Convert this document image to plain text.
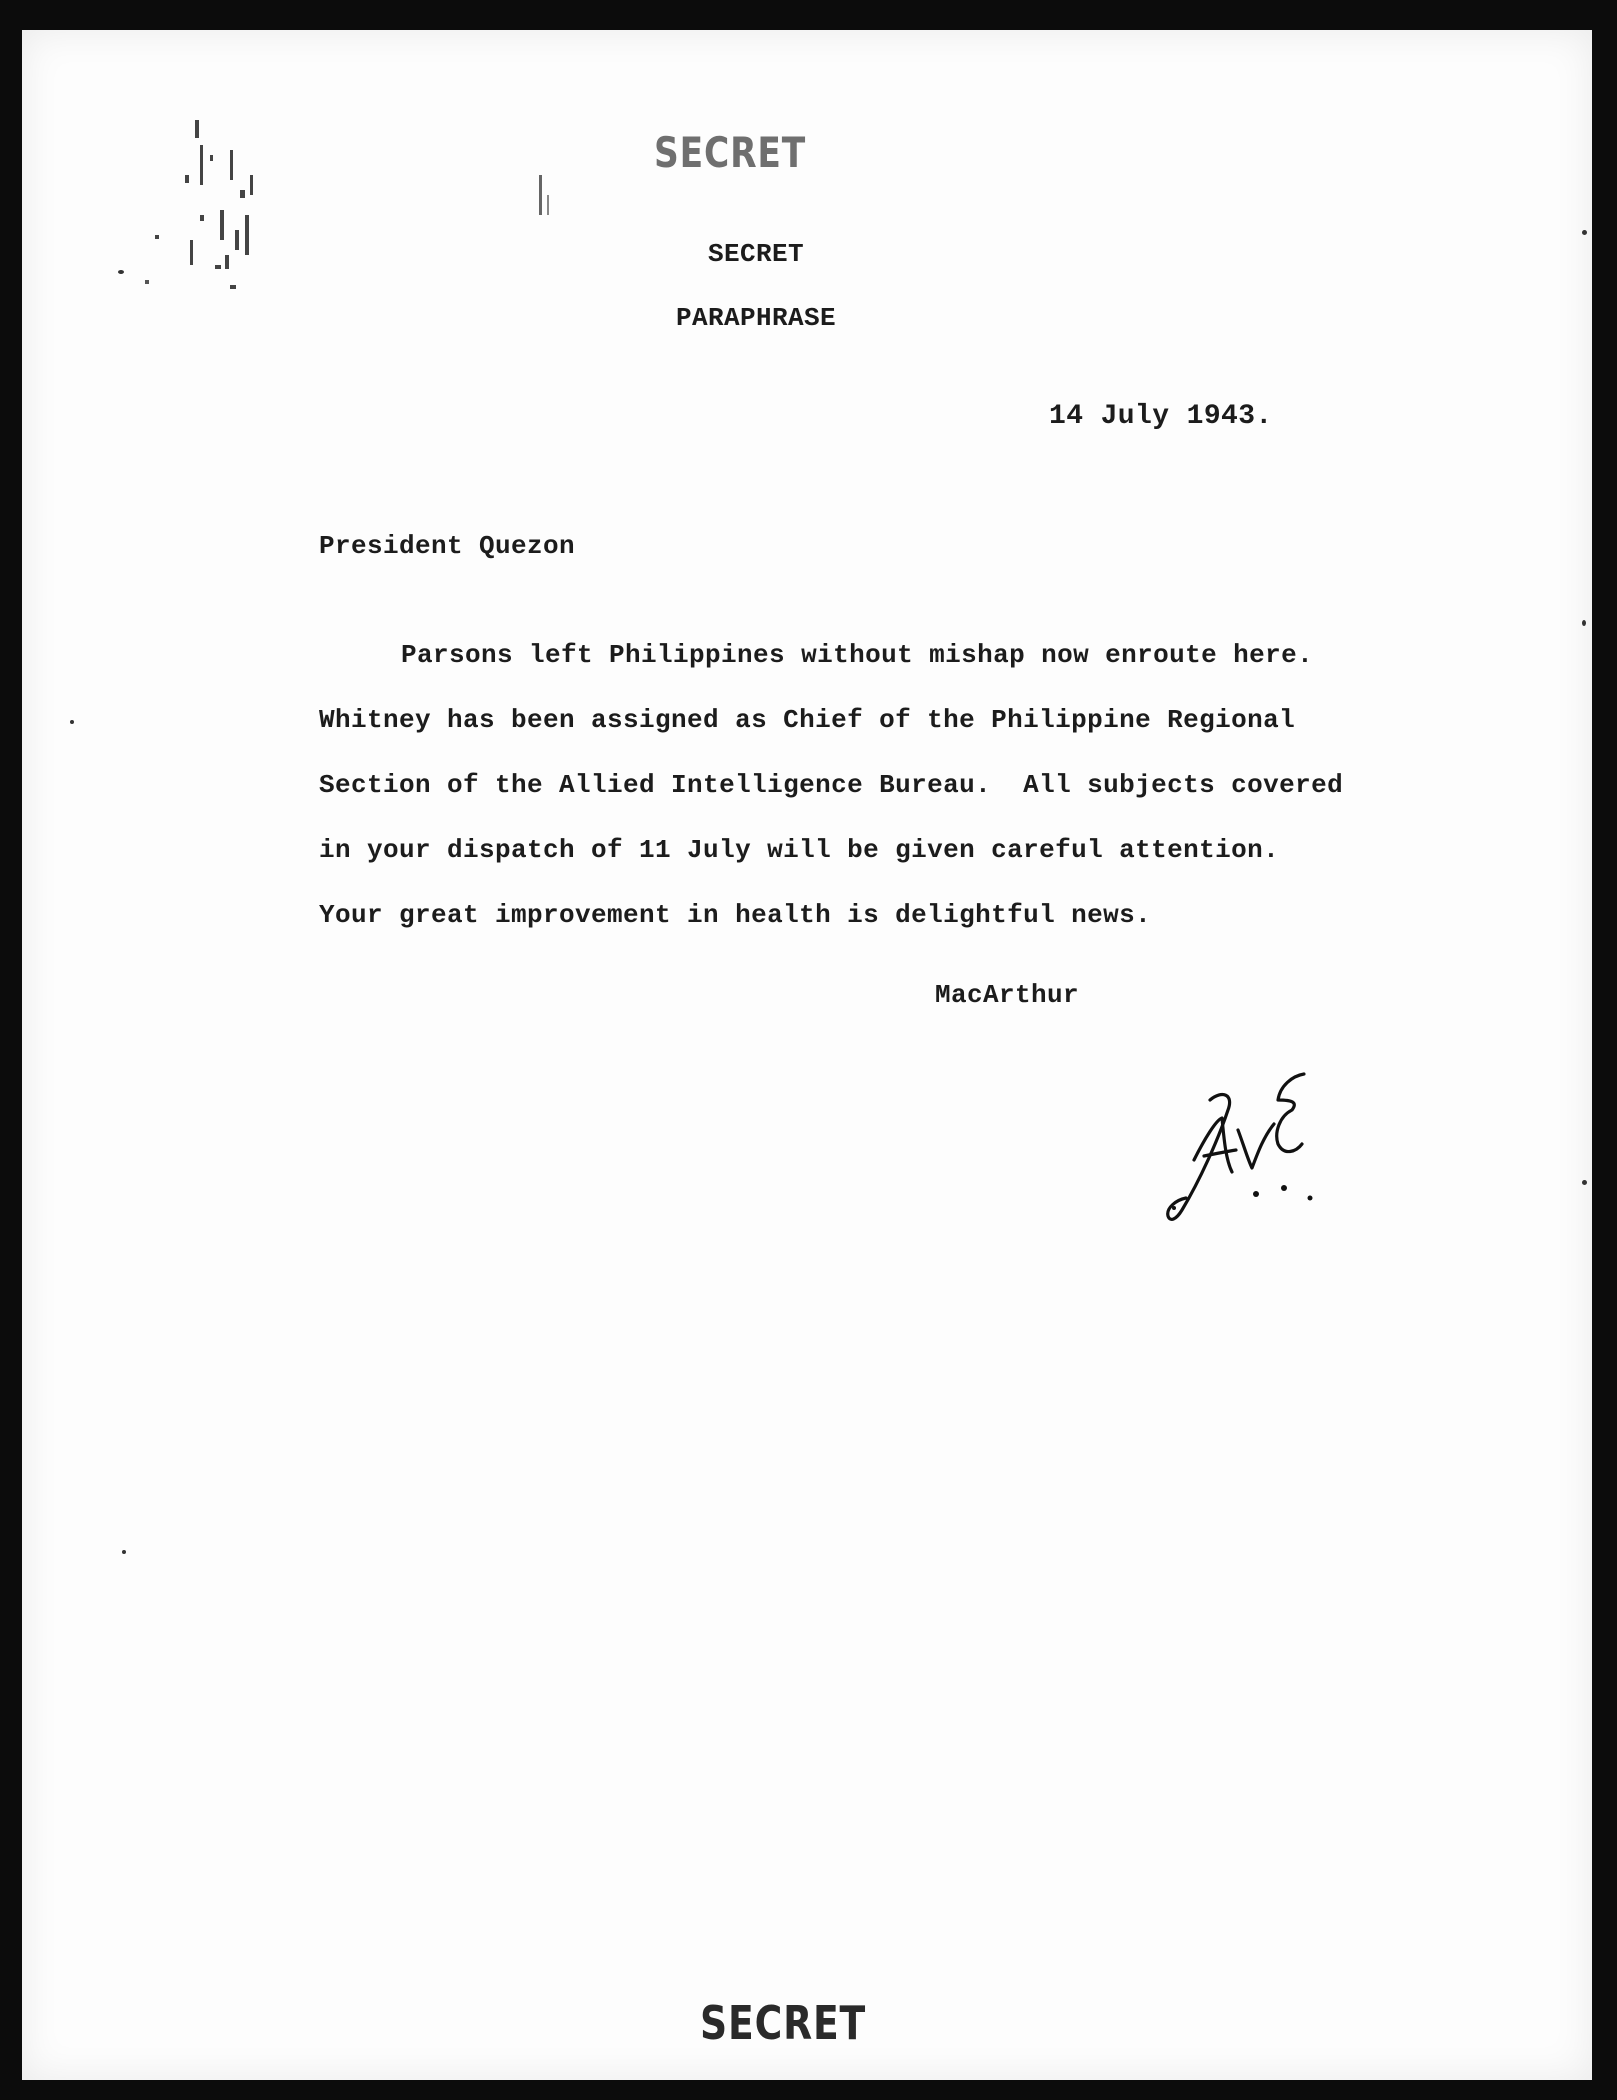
SECRET
SECRET
PARAPHRASE
14 July 1943.
President Quezon
Parsons left Philippines without mishap now enroute here.
Whitney has been assigned as Chief of the Philippine Regional
Section of the Allied Intelligence Bureau.  All subjects covered
in your dispatch of 11 July will be given careful attention.
Your great improvement in health is delightful news.
MacArthur
SECRET
